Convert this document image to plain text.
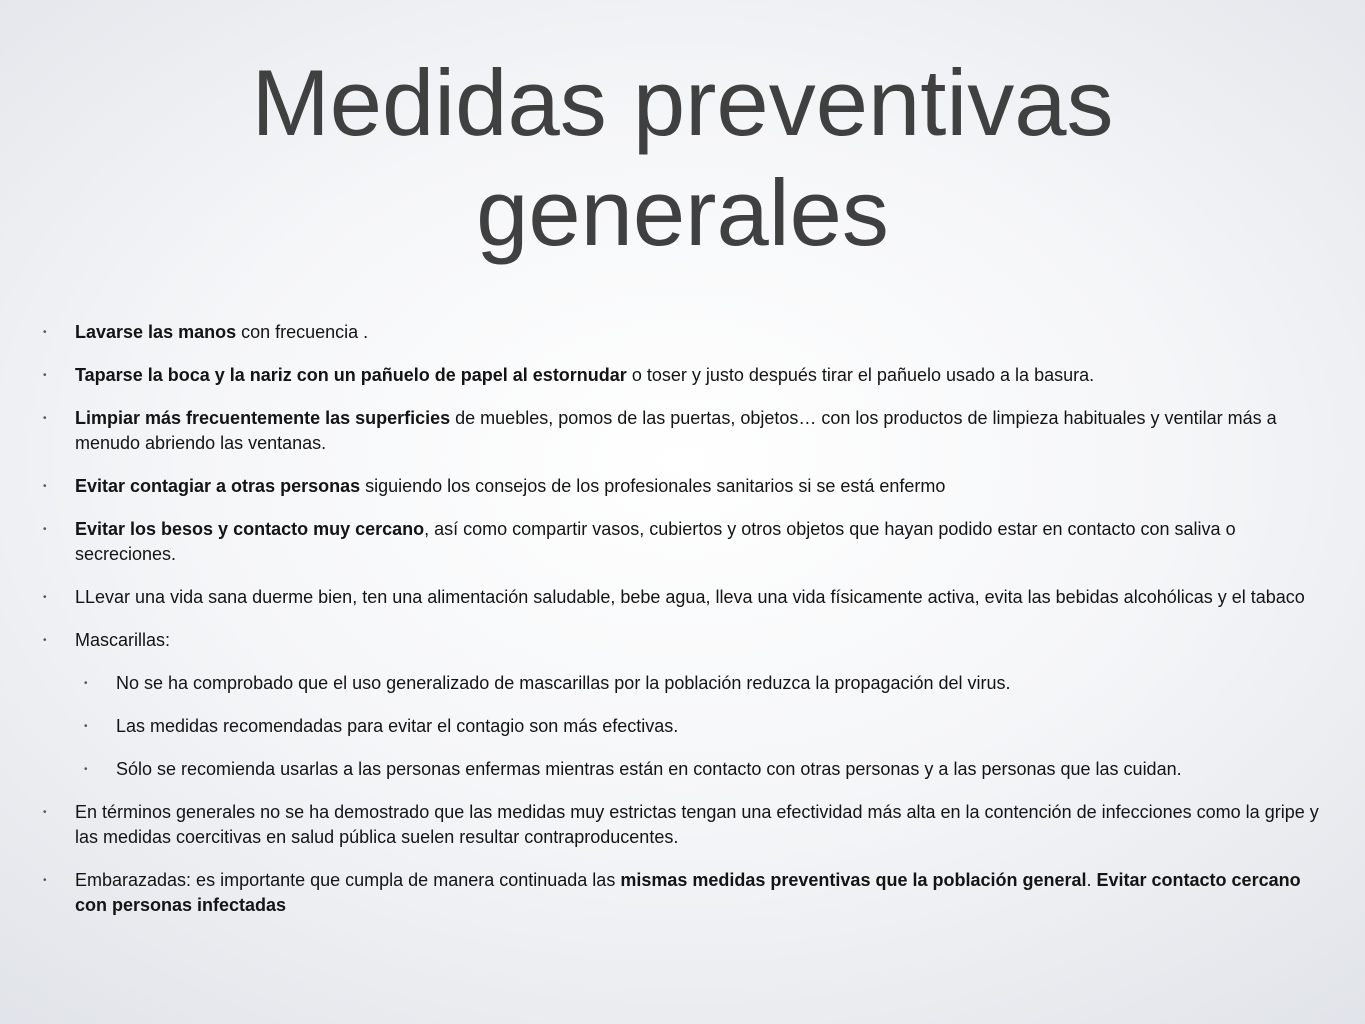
Medidas preventivas
generales
• Lavarse las manos con frecuencia .
• Taparse la boca y la nariz con un pañuelo de papel al estornudar o toser y justo después tirar el pañuelo usado a la basura.
• Limpiar más frecuentemente las superficies de muebles, pomos de las puertas, objetos… con los productos de limpieza habituales y ventilar más a menudo abriendo las ventanas.
• Evitar contagiar a otras personas siguiendo los consejos de los profesionales sanitarios si se está enfermo
• Evitar los besos y contacto muy cercano, así como compartir vasos, cubiertos y otros objetos que hayan podido estar en contacto con saliva o secreciones.
• LLevar una vida sana duerme bien, ten una alimentación saludable, bebe agua, lleva una vida físicamente activa, evita las bebidas alcohólicas y el tabaco
• Mascarillas:
• No se ha comprobado que el uso generalizado de mascarillas por la población reduzca la propagación del virus.
• Las medidas recomendadas para evitar el contagio son más efectivas.
• Sólo se recomienda usarlas a las personas enfermas mientras están en contacto con otras personas y a las personas que las cuidan.
• En términos generales no se ha demostrado que las medidas muy estrictas tengan una efectividad más alta en la contención de infecciones como la gripe y las medidas coercitivas en salud pública suelen resultar contraproducentes.
• Embarazadas: es importante que cumpla de manera continuada las mismas medidas preventivas que la población general. Evitar contacto cercano con personas infectadas
